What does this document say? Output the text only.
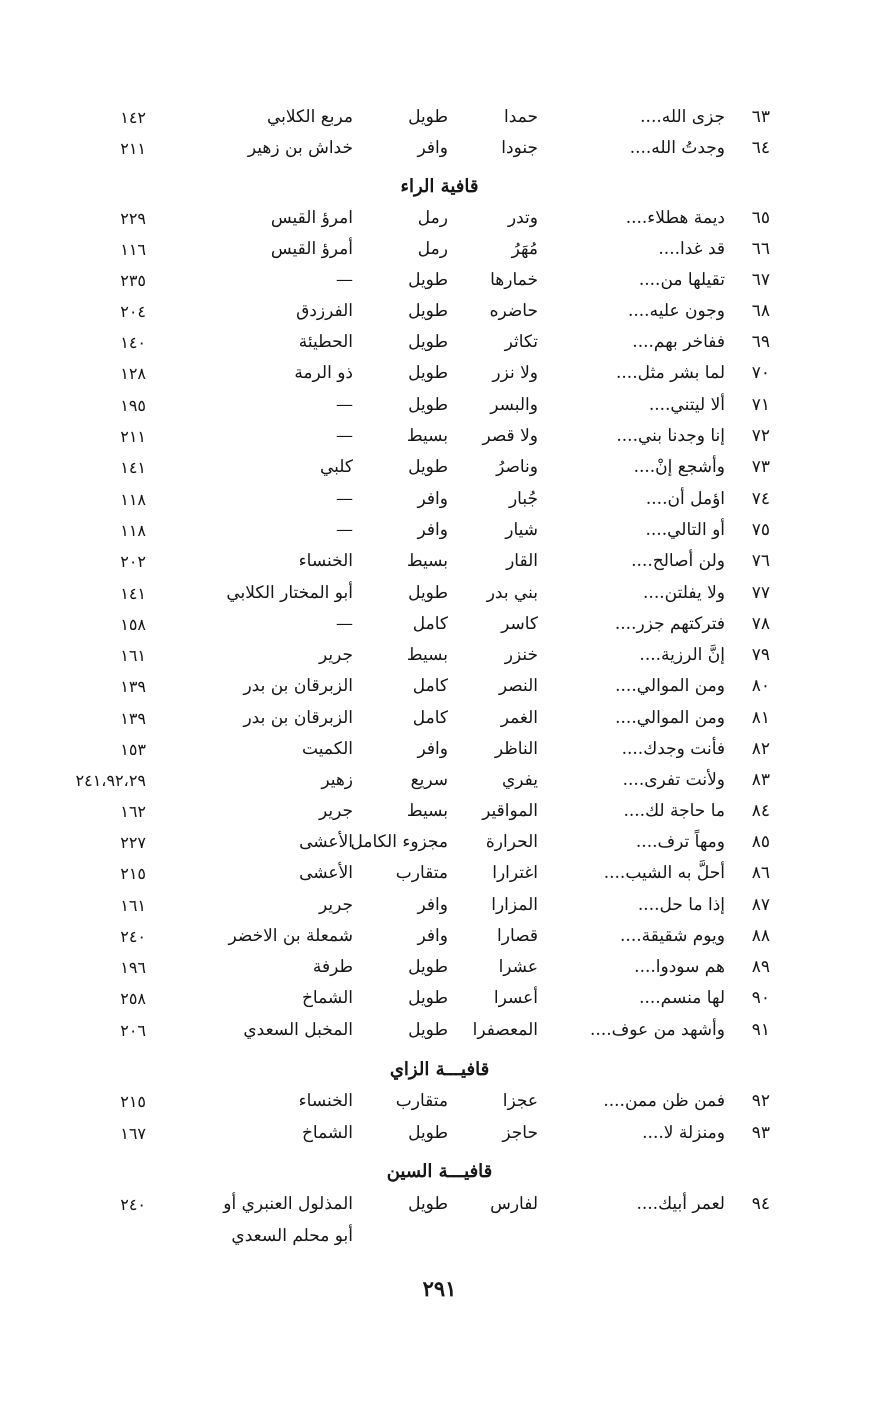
٦٣
جزى الله....
حمدا
طويل
مربع الكلابي
١٤٢
٦٤
وجدتُ الله....
جنودا
وافر
خداش بن زهير
٢١١
قافية الراء
٦٥
ديمة هطلاء....
وتدر
رمل
امرؤ القيس
٢٢٩
٦٦
قد غدا....
مُهَرُ
رمل
أمرؤ القيس
١١٦
٦٧
تقيلها من....
خمارها
طويل
—
٢٣٥
٦٨
وجون عليه....
حاضره
طويل
الفرزدق
٢٠٤
٦٩
ففاخر بهم....
تكاثر
طويل
الحطيئة
١٤٠
٧٠
لما بشر مثل....
ولا نزر
طويل
ذو الرمة
١٢٨
٧١
ألا ليتني....
والبسر
طويل
—
١٩٥
٧٢
إنا وجدنا بني....
ولا قصر
بسيط
—
٢١١
٧٣
وأشجع إنْ....
وناصرُ
طويل
كلبي
١٤١
٧٤
اؤمل أن....
جُبار
وافر
—
١١٨
٧٥
أو التالي....
شيار
وافر
—
١١٨
٧٦
ولن أصالح....
القار
بسيط
الخنساء
٢٠٢
٧٧
ولا يفلتن....
بني بدر
طويل
أبو المختار الكلابي
١٤١
٧٨
فتركتهم جزر....
كاسر
كامل
—
١٥٨
٧٩
إنَّ الرزية....
خنزر
بسيط
جرير
١٦١
٨٠
ومن الموالي....
النصر
كامل
الزبرقان بن بدر
١٣٩
٨١
ومن الموالي....
الغمر
كامل
الزبرقان بن بدر
١٣٩
٨٢
فأنت وجدك....
الناظر
وافر
الكميت
١٥٣
٨٣
ولأنت تفرى....
يفري
سريع
زهير
٢٤١،٩٢،٢٩
٨٤
ما حاجة لك....
المواقير
بسيط
جرير
١٦٢
٨٥
ومهاً ترف....
الحرارة
مجزوء الكامل
الأعشى
٢٢٧
٨٦
أحلَّ به الشيب....
اغترارا
متقارب
الأعشى
٢١٥
٨٧
إذا ما حل....
المزارا
وافر
جرير
١٦١
٨٨
ويوم شقيقة....
قصارا
وافر
شمعلة بن الاخضر
٢٤٠
٨٩
هم سودوا....
عشرا
طويل
طرفة
١٩٦
٩٠
لها منسم....
أعسرا
طويل
الشماخ
٢٥٨
٩١
وأشهد من عوف....
المعصفرا
طويل
المخبل السعدي
٢٠٦
قافيـــة الزاي
٩٢
فمن ظن ممن....
عجزا
متقارب
الخنساء
٢١٥
٩٣
ومنزلة لا....
حاجز
طويل
الشماخ
١٦٧
قافيـــة السين
٩٤
لعمر أبيك....
لفارس
طويل
المذلول العنبري أو
٢٤٠
أبو محلم السعدي
٢٩١
